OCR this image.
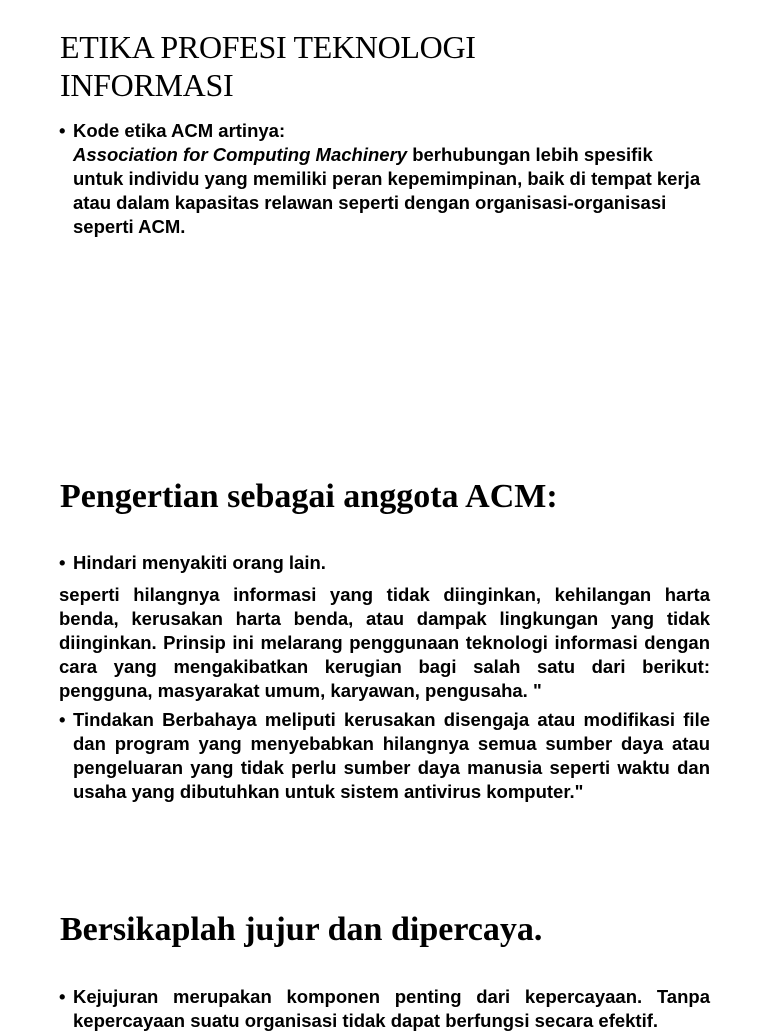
ETIKA PROFESI TEKNOLOGI
INFORMASI
• Kode etika ACM artinya:
Association for Computing Machinery berhubungan lebih spesifik untuk individu yang memiliki peran kepemimpinan, baik di tempat kerja atau dalam kapasitas relawan seperti dengan organisasi-organisasi seperti ACM.
Pengertian sebagai anggota ACM:
• Hindari menyakiti orang lain.
seperti hilangnya informasi yang tidak diinginkan, kehilangan harta benda, kerusakan harta benda, atau dampak lingkungan yang tidak diinginkan. Prinsip ini melarang penggunaan teknologi informasi dengan cara yang mengakibatkan kerugian bagi salah satu dari berikut: pengguna, masyarakat umum, karyawan, pengusaha. "
• Tindakan Berbahaya meliputi kerusakan disengaja atau modifikasi file dan program yang menyebabkan hilangnya semua sumber daya atau pengeluaran yang tidak perlu sumber daya manusia seperti waktu dan usaha yang dibutuhkan untuk sistem antivirus komputer."
Bersikaplah jujur dan dipercaya.
• Kejujuran merupakan komponen penting dari kepercayaan. Tanpa kepercayaan suatu organisasi tidak dapat berfungsi secara efektif.
